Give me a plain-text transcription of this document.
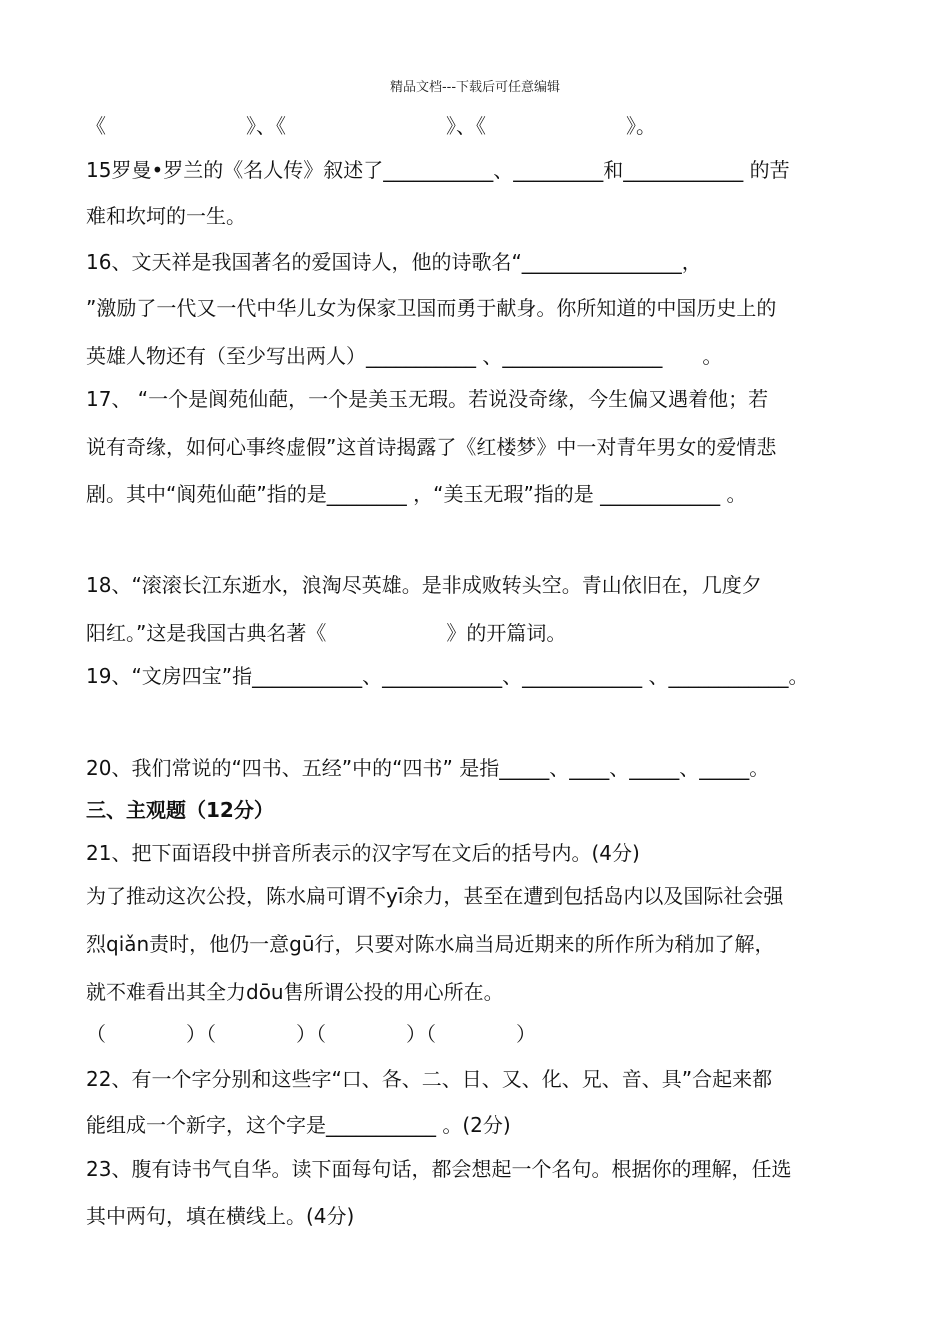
精品文档---下载后可任意编辑
《　　　　　　　》、《　　　　　　　　》、《　　　　　　　》。
15罗曼•罗兰的《名人传》叙述了___________、_________和____________ 的苦
难和坎坷的一生。
16、文天祥是我国著名的爱国诗人，他的诗歌名“________________，
”激励了一代又一代中华儿女为保家卫国而勇于献身。你所知道的中国历史上的
英雄人物还有（至少写出两人）___________ 、________________　　。
17、 “一个是阆苑仙葩，一个是美玉无瑕。若说没奇缘，今生偏又遇着他；若
说有奇缘，如何心事终虚假”这首诗揭露了《红楼梦》中一对青年男女的爱情悲
剧。其中“阆苑仙葩”指的是________ ，“美玉无瑕”指的是 ____________ 。
18、“滚滚长江东逝水，浪淘尽英雄。是非成败转头空。青山依旧在，几度夕
阳红。”这是我国古典名著《　　　　　　》的开篇词。
19、“文房四宝”指___________、____________、____________ 、____________。
20、我们常说的“四书、五经”中的“四书” 是指_____、____、_____、_____。
三、主观题（12分）
21、把下面语段中拼音所表示的汉字写在文后的括号内。(4分)
为了推动这次公投，陈水扁可谓不yī余力，甚至在遭到包括岛内以及国际社会强
烈qiǎn责时，他仍一意gū行，只要对陈水扁当局近期来的所作所为稍加了解，
就不难看出其全力dōu售所谓公投的用心所在。
（　　　　）（　　　　）（　　　　）（　　　　）
22、有一个字分别和这些字“口、各、二、日、又、化、兄、音、具”合起来都
能组成一个新字，这个字是___________ 。(2分)
23、腹有诗书气自华。读下面每句话，都会想起一个名句。根据你的理解，任选
其中两句，填在横线上。(4分)
